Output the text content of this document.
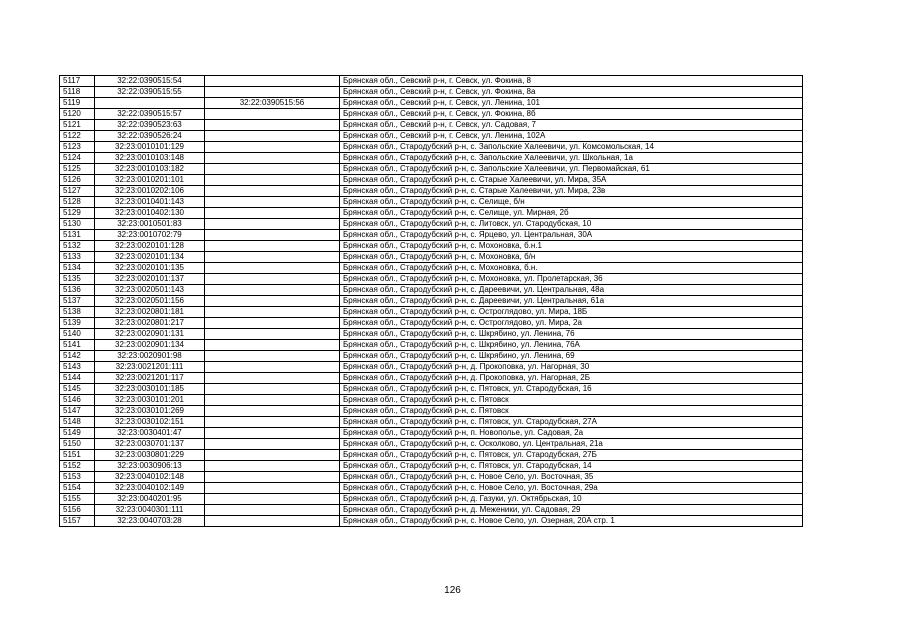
5117	32:22:0390515:54		Брянская обл., Севский р-н, г. Севск, ул. Фокина, 8
5118	32:22:0390515:55		Брянская обл., Севский р-н, г. Севск, ул. Фокина, 8а
5119		32:22:0390515:56	Брянская обл., Севский р-н, г. Севск, ул. Ленина, 101
5120	32:22:0390515:57		Брянская обл., Севский р-н, г. Севск, ул. Фокина, 8б
5121	32:22:0390523:63		Брянская обл., Севский р-н, г. Севск, ул. Садовая, 7
5122	32:22:0390526:24		Брянская обл., Севский р-н, г. Севск, ул. Ленина, 102А
5123	32:23:0010101:129		Брянская обл., Стародубский р-н, с. Запольские Халеевичи, ул. Комсомольская, 14
5124	32:23:0010103:148		Брянская обл., Стародубский р-н, с. Запольские Халеевичи, ул. Школьная, 1а
5125	32:23:0010103:182		Брянская обл., Стародубский р-н, с. Запольские Халеевичи, ул. Первомайская, 61
5126	32:23:0010201:101		Брянская обл., Стародубский р-н, с. Старые Халеевичи, ул. Мира, 35А
5127	32:23:0010202:106		Брянская обл., Стародубский р-н, с. Старые Халеевичи, ул. Мира, 23в
5128	32:23:0010401:143		Брянская обл., Стародубский р-н, с. Селище, б/н
5129	32:23:0010402:130		Брянская обл., Стародубский р-н, с. Селище, ул. Мирная, 2б
5130	32:23:0010501:83		Брянская обл., Стародубский р-н, с. Литовск, ул. Стародубская, 10
5131	32:23:0010702:79		Брянская обл., Стародубский р-н, с. Ярцево, ул. Центральная, 30А
5132	32:23:0020101:128		Брянская обл., Стародубский р-н, с. Мохоновка, б.н.1
5133	32:23:0020101:134		Брянская обл., Стародубский р-н, с. Мохоновка, б/н
5134	32:23:0020101:135		Брянская обл., Стародубский р-н, с. Мохоновка, б.н.
5135	32:23:0020101:137		Брянская обл., Стародубский р-н, с. Мохоновка, ул. Пролетарская, 36
5136	32:23:0020501:143		Брянская обл., Стародубский р-н, с. Дареевичи, ул. Центральная, 48а
5137	32:23:0020501:156		Брянская обл., Стародубский р-н, с. Дареевичи, ул. Центральная, 61а
5138	32:23:0020801:181		Брянская обл., Стародубский р-н, с. Остроглядово, ул. Мира, 18Б
5139	32:23:0020801:217		Брянская обл., Стародубский р-н, с. Остроглядово, ул. Мира, 2а
5140	32:23:0020901:131		Брянская обл., Стародубский р-н, с. Шкрябино, ул. Ленина, 76
5141	32:23:0020901:134		Брянская обл., Стародубский р-н, с. Шкрябино, ул. Ленина, 76А
5142	32:23:0020901:98		Брянская обл., Стародубский р-н, с. Шкрябино, ул. Ленина, 69
5143	32:23:0021201:111		Брянская обл., Стародубский р-н, д. Прокоповка, ул. Нагорная, 30
5144	32:23:0021201:117		Брянская обл., Стародубский р-н, д. Прокоповка, ул. Нагорная, 2Б
5145	32:23:0030101:185		Брянская обл., Стародубский р-н, с. Пятовск, ул. Стародубская, 16
5146	32:23:0030101:201		Брянская обл., Стародубский р-н, с. Пятовск
5147	32:23:0030101:269		Брянская обл., Стародубский р-н, с. Пятовск
5148	32:23:0030102:151		Брянская обл., Стародубский р-н, с. Пятовск, ул. Стародубская, 27А
5149	32:23:0030401:47		Брянская обл., Стародубский р-н, п. Новополье, ул. Садовая, 2а
5150	32:23:0030701:137		Брянская обл., Стародубский р-н, с. Осколково, ул. Центральная, 21а
5151	32:23:0030801:229		Брянская обл., Стародубский р-н, с. Пятовск, ул. Стародубская, 27Б
5152	32:23:0030906:13		Брянская обл., Стародубский р-н, с. Пятовск, ул. Стародубская, 14
5153	32:23:0040102:148		Брянская обл., Стародубский р-н, с. Новое Село, ул. Восточная, 35
5154	32:23:0040102:149		Брянская обл., Стародубский р-н, с. Новое Село, ул. Восточная, 29а
5155	32:23:0040201:95		Брянская обл., Стародубский р-н, д. Газуки, ул. Октябрьская, 10
5156	32:23:0040301:111		Брянская обл., Стародубский р-н, д. Меженики, ул. Садовая, 29
5157	32:23:0040703:28		Брянская обл., Стародубский р-н, с. Новое Село, ул. Озерная, 20А стр. 1
126
